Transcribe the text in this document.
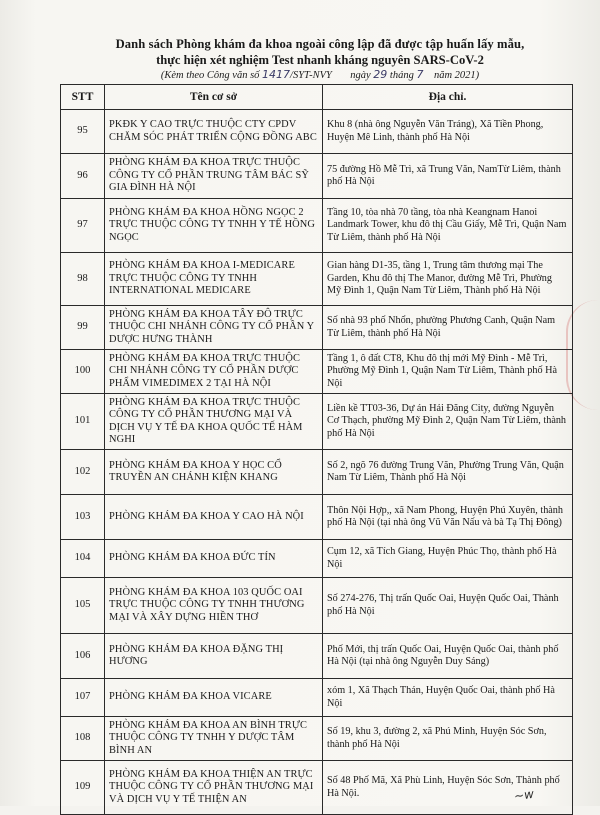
Danh sách Phòng khám đa khoa ngoài công lập đã được tập huấn lấy mẫu,
thực hiện xét nghiệm Test nhanh kháng nguyên SARS-CoV-2
(Kèm theo Công văn số 1417/SYT-NVY ngày 29 tháng 7 năm 2021)
STT	Tên cơ sở	Địa chỉ.
95	PKĐK Y CAO TRỰC THUỘC CTY CPDV CHĂM SÓC PHÁT TRIỂN CỘNG ĐỒNG ABC	Khu 8 (nhà ông Nguyễn Văn Tráng), Xã Tiền Phong, Huyện Mê Linh, thành phố Hà Nội
96	PHÒNG KHÁM ĐA KHOA TRỰC THUỘC CÔNG TY CỔ PHẦN TRUNG TÂM BÁC SỸ GIA ĐÌNH HÀ NỘI	75 đường Hồ Mễ Trì, xã Trung Văn, NamTừ Liêm, thành phố Hà Nội
97	PHÒNG KHÁM ĐA KHOA HỒNG NGỌC 2 TRỰC THUỘC CÔNG TY TNHH Y TẾ HỒNG NGỌC	Tầng 10, tòa nhà 70 tầng, tòa nhà Keangnam Hanoi Landmark Tower, khu đô thị Cầu Giấy, Mễ Trì, Quận Nam Từ Liêm, thành phố Hà Nội
98	PHÒNG KHÁM ĐA KHOA I-MEDICARE TRỰC THUỘC CÔNG TY TNHH INTERNATIONAL MEDICARE	Gian hàng D1-35, tầng 1, Trung tâm thương mại The Garden, Khu đô thị The Manor, đường Mễ Trì, Phường Mỹ Đình 1, Quận Nam Từ Liêm, Thành phố Hà Nội
99	PHÒNG KHÁM ĐA KHOA TÂY ĐÔ TRỰC THUỘC CHI NHÁNH CÔNG TY CỔ PHẦN Y DƯỢC HƯNG THÀNH	Số nhà 93 phố Nhổn, phường Phương Canh, Quận Nam Từ Liêm, thành phố Hà Nội
100	PHÒNG KHÁM ĐA KHOA TRỰC THUỘC CHI NHÁNH CÔNG TY CỔ PHẦN DƯỢC PHẨM VIMEDIMEX 2 TẠI HÀ NỘI	Tầng 1, ô đất CT8, Khu đô thị mới Mỹ Đình - Mễ Trì, Phường Mỹ Đình 1, Quận Nam Từ Liêm, Thành phố Hà Nội
101	PHÒNG KHÁM ĐA KHOA TRỰC THUỘC CÔNG TY CỔ PHẦN THƯƠNG MẠI VÀ DỊCH VỤ Y TẾ ĐA KHOA QUỐC TẾ HÀM NGHI	Liền kề TT03-36, Dự án Hải Đăng City, đường Nguyễn Cơ Thạch, phường Mỹ Đình 2, Quận Nam Từ Liêm, thành phố Hà Nội
102	PHÒNG KHÁM ĐA KHOA Y HỌC CỔ TRUYỀN AN CHÁNH KIỆN KHANG	Số 2, ngõ 76 đường Trung Văn, Phường Trung Văn, Quận Nam Từ Liêm, Thành phố Hà Nội
103	PHÒNG KHÁM ĐA KHOA Y CAO HÀ NỘI	Thôn Nội Hợp,, xã Nam Phong, Huyện Phú Xuyên, thành phố Hà Nội (tại nhà ông Vũ Văn Nấu và bà Tạ Thị Đông)
104	PHÒNG KHÁM ĐA KHOA ĐỨC TÍN	Cụm 12, xã Tích Giang, Huyện Phúc Thọ, thành phố Hà Nội
105	PHÒNG KHÁM ĐA KHOA 103 QUỐC OAI TRỰC THUỘC CÔNG TY TNHH THƯƠNG MẠI VÀ XÂY DỰNG HIỀN THƠ	Số 274-276, Thị trấn Quốc Oai, Huyện Quốc Oai, Thành phố Hà Nội
106	PHÒNG KHÁM ĐA KHOA ĐẶNG THỊ HƯƠNG	Phố Mới, thị trấn Quốc Oai, Huyện Quốc Oai, thành phố Hà Nội (tại nhà ông Nguyễn Duy Sáng)
107	PHÒNG KHÁM ĐA KHOA VICARE	xóm 1, Xã Thạch Thán, Huyện Quốc Oai, thành phố Hà Nội
108	PHÒNG KHÁM ĐA KHOA AN BÌNH TRỰC THUỘC CÔNG TY TNHH Y DƯỢC TÂM BÌNH AN	Số 19, khu 3, đường 2, xã Phú Minh, Huyện Sóc Sơn, thành phố Hà Nội
109	PHÒNG KHÁM ĐA KHOA THIỆN AN TRỰC THUỘC CÔNG TY CỔ PHẦN THƯƠNG MẠI VÀ DỊCH VỤ Y TẾ THIỆN AN	Số 48 Phố Mã, Xã Phù Linh, Huyện Sóc Sơn, Thành phố Hà Nội.	~w
